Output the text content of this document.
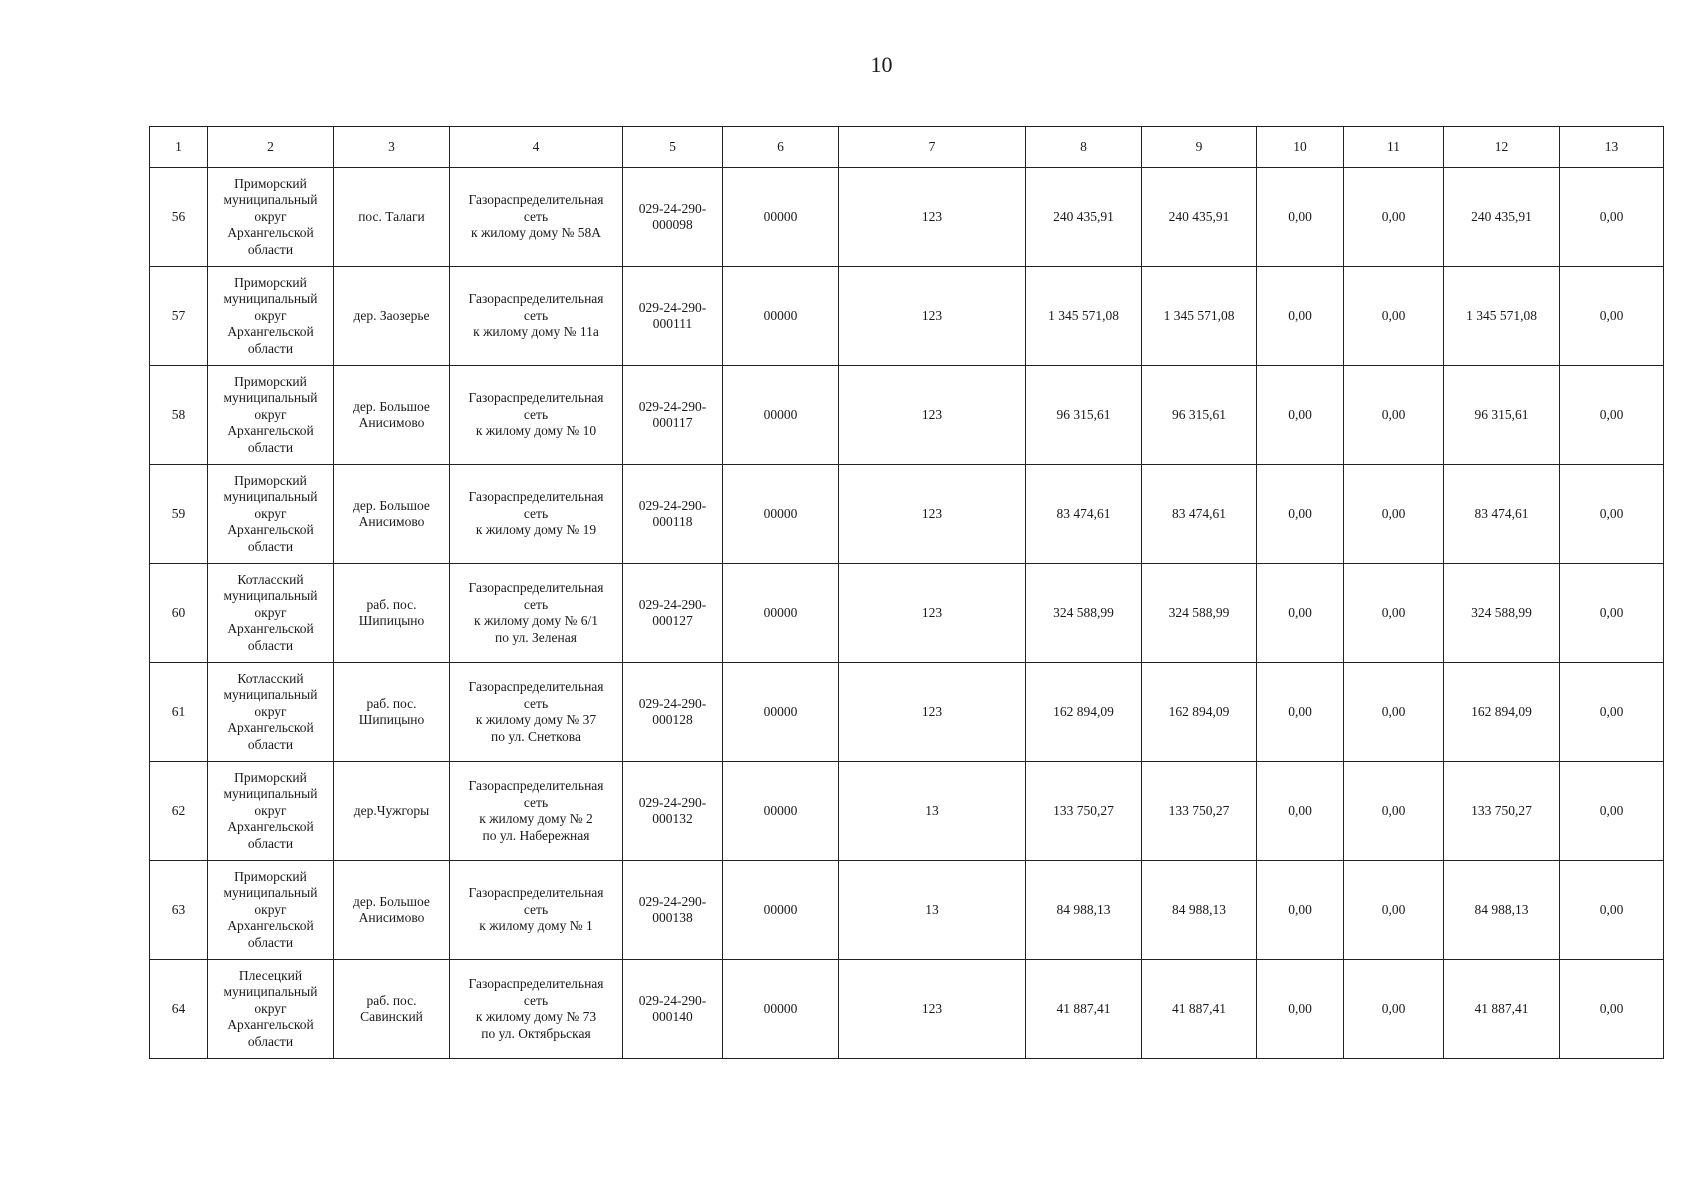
10
1	2	3	4	5	6	7	8	9	10	11	12	13
56	Приморский
муниципальный
округ
Архангельской
области	пос. Талаги	Газораспределительная
сеть
к жилому дому № 58А	029-24-290-
000098	00000	123	240 435,91	240 435,91	0,00	0,00	240 435,91	0,00
57	Приморский
муниципальный
округ
Архангельской
области	дер. Заозерье	Газораспределительная
сеть
к жилому дому № 11а	029-24-290-
000111	00000	123	1 345 571,08	1 345 571,08	0,00	0,00	1 345 571,08	0,00
58	Приморский
муниципальный
округ
Архангельской
области	дер. Большое
Анисимово	Газораспределительная
сеть
к жилому дому № 10	029-24-290-
000117	00000	123	96 315,61	96 315,61	0,00	0,00	96 315,61	0,00
59	Приморский
муниципальный
округ
Архангельской
области	дер. Большое
Анисимово	Газораспределительная
сеть
к жилому дому № 19	029-24-290-
000118	00000	123	83 474,61	83 474,61	0,00	0,00	83 474,61	0,00
60	Котласский
муниципальный
округ
Архангельской
области	раб. пос.
Шипицыно	Газораспределительная
сеть
к жилому дому № 6/1
по ул. Зеленая	029-24-290-
000127	00000	123	324 588,99	324 588,99	0,00	0,00	324 588,99	0,00
61	Котласский
муниципальный
округ
Архангельской
области	раб. пос.
Шипицыно	Газораспределительная
сеть
к жилому дому № 37
по ул. Снеткова	029-24-290-
000128	00000	123	162 894,09	162 894,09	0,00	0,00	162 894,09	0,00
62	Приморский
муниципальный
округ
Архангельской
области	дер.Чужгоры	Газораспределительная
сеть
к жилому дому № 2
по ул. Набережная	029-24-290-
000132	00000	13	133 750,27	133 750,27	0,00	0,00	133 750,27	0,00
63	Приморский
муниципальный
округ
Архангельской
области	дер. Большое
Анисимово	Газораспределительная
сеть
к жилому дому № 1	029-24-290-
000138	00000	13	84 988,13	84 988,13	0,00	0,00	84 988,13	0,00
64	Плесецкий
муниципальный
округ
Архангельской
области	раб. пос.
Савинский	Газораспределительная
сеть
к жилому дому № 73
по ул. Октябрьская	029-24-290-
000140	00000	123	41 887,41	41 887,41	0,00	0,00	41 887,41	0,00
